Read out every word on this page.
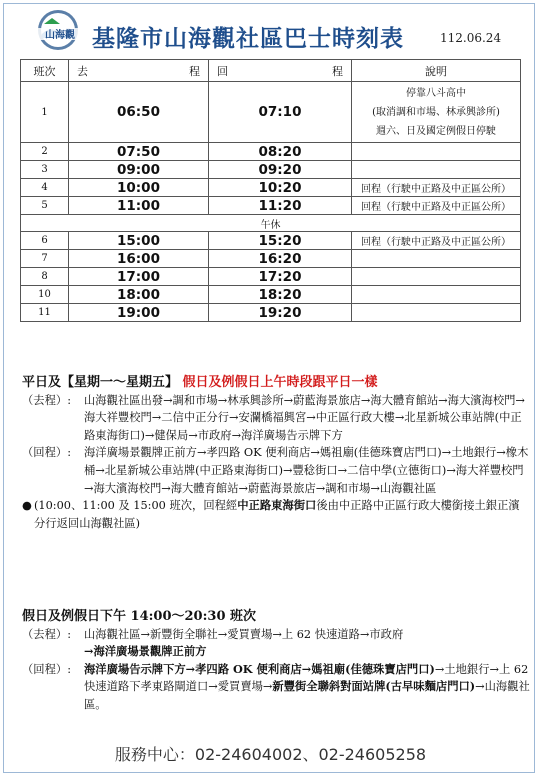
山海觀 基隆市山海觀社區巴士時刻表	112.06.24
班次	去 程	回 程	說明
1	06:50	07:10	停靠八斗高中
(取消調和市場、林承興診所)
週六、日及國定例假日停駛

2	07:50	08:20	
3	09:00	09:20	
4	10:00	10:20	回程（行駛中正路及中正區公所）
5	11:00	11:20	回程（行駛中正路及中正區公所）
午休			
6	15:00	15:20	回程（行駛中正路及中正區公所）
7	16:00	16:20	
8	17:00	17:20	
10	18:00	18:20	
11	19:00	19:20	
平日及【星期一～星期五】 假日及例假日上午時段跟平日一樣
（去程）:	山海觀社區出發→調和市場→林承興診所→蔚藍海景旅店→海大體育館站→海大濱海校門→海大祥豐校門→二信中正分行→安瀾橋福興宮→中正區行政大樓→北星新城公車站牌(中正路東海街口)→健保局→市政府→海洋廣場告示牌下方
（回程）:	海洋廣場景觀牌正前方→孝四路 OK 便利商店→媽祖廟(佳德珠寶店門口)→土地銀行→橡木桶→北星新城公車站牌(中正路東海街口)→豐稔街口→二信中學(立德街口)→海大祥豐校門→海大濱海校門→海大體育館站→蔚藍海景旅店→調和市場→山海觀社區
● (10:00、11:00 及 15:00 班次，回程經中正路東海街口後由中正路中正區行政大樓銜接土銀正濱分行返回山海觀社區)
假日及例假日下午 14:00～20:30 班次
（去程）:	山海觀社區→新豐街全聯社→愛買賣場→上 62 快速道路→市政府
→海洋廣場景觀牌正前方
（回程）:	海洋廣場告示牌下方→孝四路 OK 便利商店→媽祖廟(佳德珠寶店門口)→土地銀行→上 62 快速道路下孝東路閘道口→愛買賣場→新豐街全聯斜對面站牌(古早味麵店門口)→山海觀社區。
服務中心：02-24604002、02-24605258
